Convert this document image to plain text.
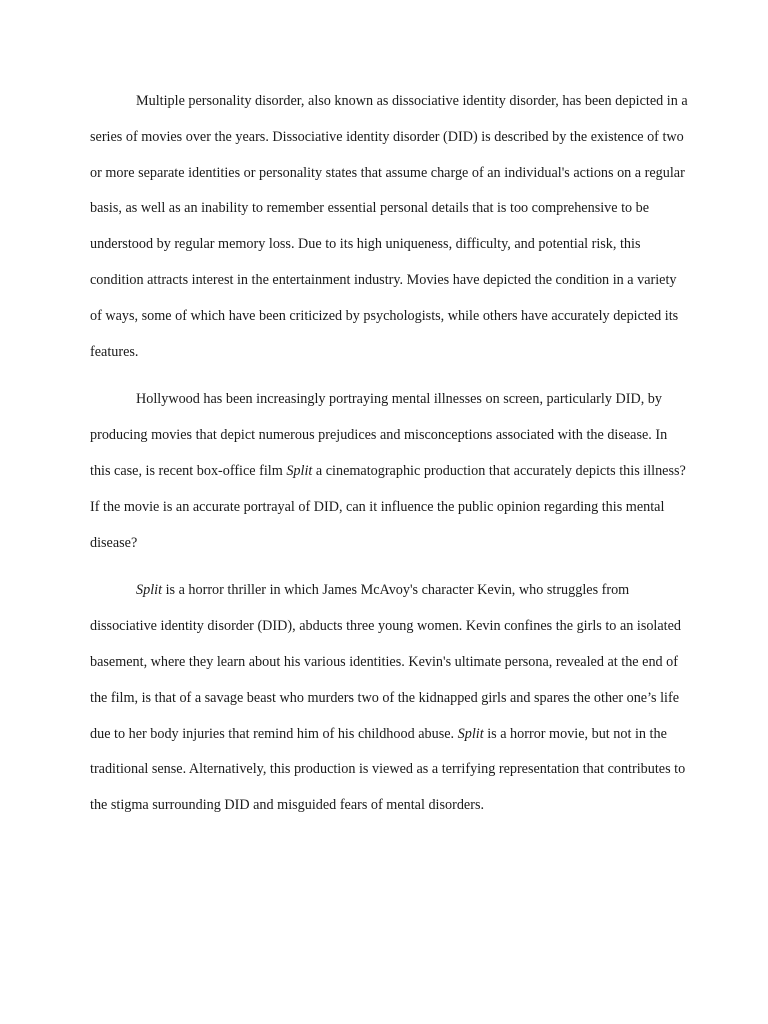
Multiple personality disorder, also known as dissociative identity disorder, has been depicted in a series of movies over the years. Dissociative identity disorder (DID) is described by the existence of two or more separate identities or personality states that assume charge of an individual's actions on a regular basis, as well as an inability to remember essential personal details that is too comprehensive to be understood by regular memory loss. Due to its high uniqueness, difficulty, and potential risk, this condition attracts interest in the entertainment industry. Movies have depicted the condition in a variety of ways, some of which have been criticized by psychologists, while others have accurately depicted its features.

Hollywood has been increasingly portraying mental illnesses on screen, particularly DID, by producing movies that depict numerous prejudices and misconceptions associated with the disease. In this case, is recent box-office film Split a cinematographic production that accurately depicts this illness? If the movie is an accurate portrayal of DID, can it influence the public opinion regarding this mental disease?

Split is a horror thriller in which James McAvoy's character Kevin, who struggles from dissociative identity disorder (DID), abducts three young women. Kevin confines the girls to an isolated basement, where they learn about his various identities. Kevin's ultimate persona, revealed at the end of the film, is that of a savage beast who murders two of the kidnapped girls and spares the other one’s life due to her body injuries that remind him of his childhood abuse. Split is a horror movie, but not in the traditional sense. Alternatively, this production is viewed as a terrifying representation that contributes to the stigma surrounding DID and misguided fears of mental disorders.
